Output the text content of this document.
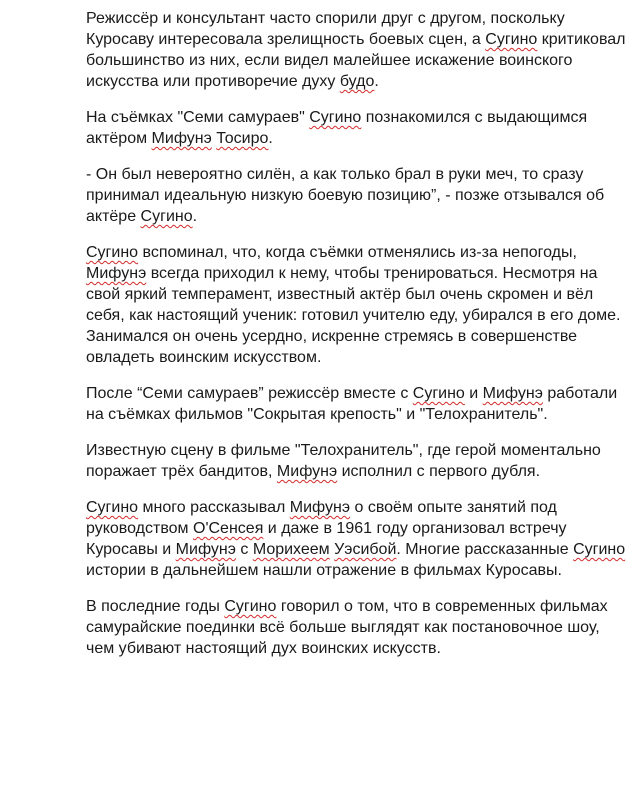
Режиссёр и консультант часто спорили друг с другом, поскольку Куросаву интересовала зрелищность боевых сцен, а Сугино критиковал большинство из них, если видел малейшее искажение воинского искусства или противоречие духу будо.

На съёмках "Семи самураев" Сугино познакомился с выдающимся актёром Мифунэ Тосиро.

- Он был невероятно силён, а как только брал в руки меч, то сразу принимал идеальную низкую боевую позицию”, - позже отзывался об актёре Сугино.

Сугино вспоминал, что, когда съёмки отменялись из-за непогоды, Мифунэ всегда приходил к нему, чтобы тренироваться. Несмотря на свой яркий темперамент, известный актёр был очень скромен и вёл себя, как настоящий ученик: готовил учителю еду, убирался в его доме. Занимался он очень усердно, искренне стремясь в совершенстве овладеть воинским искусством.

После “Семи самураев” режиссёр вместе с Сугино и Мифунэ работали на съёмках фильмов "Сокрытая крепость" и "Телохранитель".

Известную сцену в фильме "Телохранитель", где герой моментально поражает трёх бандитов, Мифунэ исполнил с первого дубля.

Сугино много рассказывал Мифунэ о своём опыте занятий под руководством О'Сенсея и даже в 1961 году организовал встречу Куросавы и Мифунэ с Морихеем Уэсибой. Многие рассказанные Сугино истории в дальнейшем нашли отражение в фильмах Куросавы.

В последние годы Сугино говорил о том, что в современных фильмах самурайские поединки всё больше выглядят как постановочное шоу, чем убивают настоящий дух воинских искусств.
